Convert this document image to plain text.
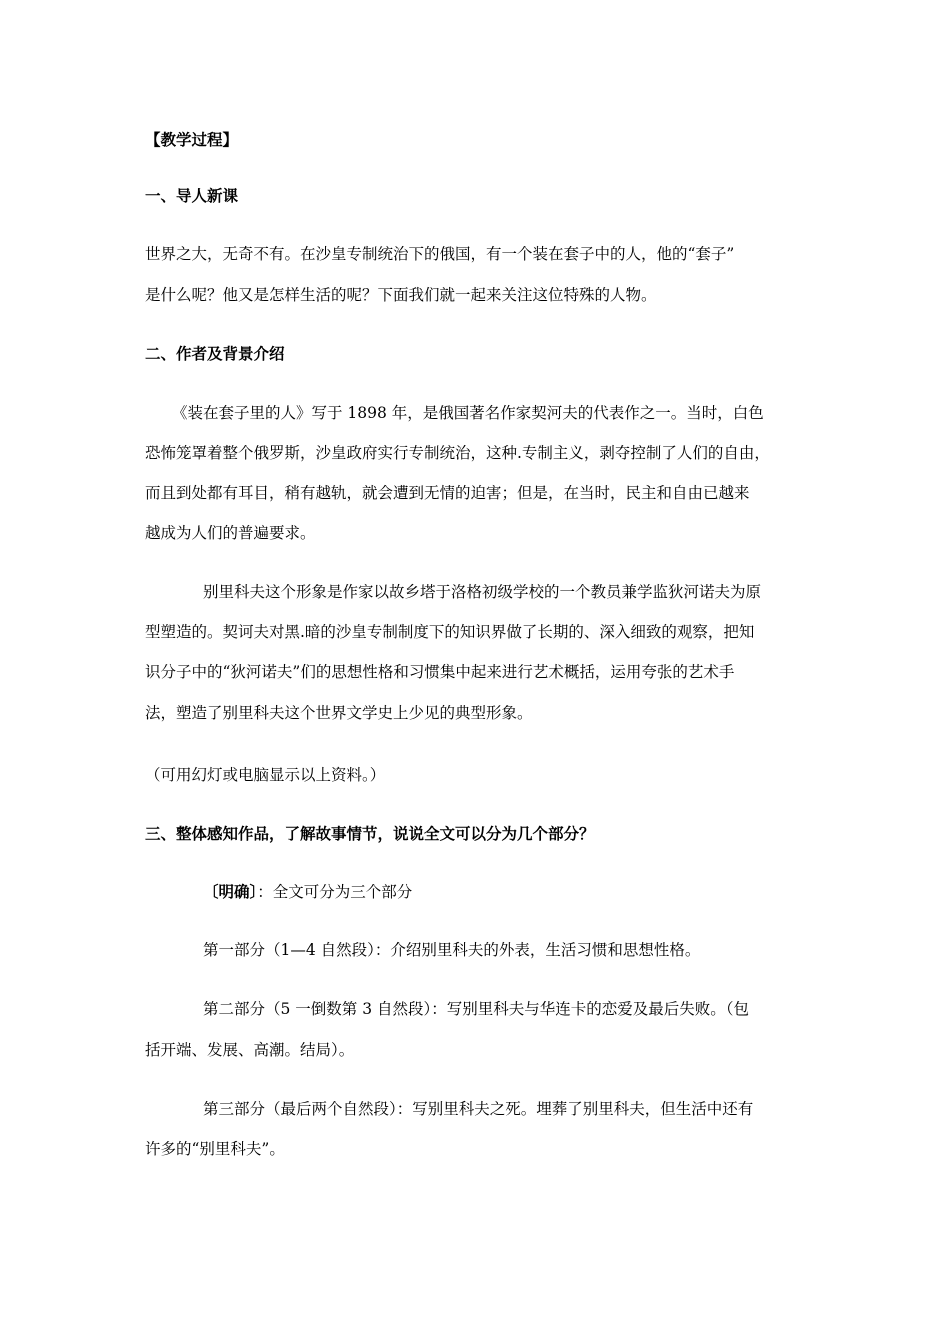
【教学过程】
一、导人新课
世界之大，无奇不有。在沙皇专制统治下的俄国，有一个装在套子中的人，他的“套子”
是什么呢？他又是怎样生活的呢？下面我们就一起来关注这位特殊的人物。
二、作者及背景介绍
《装在套子里的人》写于 1898 年，是俄国著名作家契河夫的代表作之一。当时，白色
恐怖笼罩着整个俄罗斯，沙皇政府实行专制统治，这种.专制主义，剥夺控制了人们的自由，
而且到处都有耳目，稍有越轨，就会遭到无情的迫害；但是，在当时，民主和自由已越来
越成为人们的普遍要求。
别里科夫这个形象是作家以故乡塔于洛格初级学校的一个教员兼学监狄河诺夫为原
型塑造的。契诃夫对黑.暗的沙皇专制制度下的知识界做了长期的、深入细致的观察，把知
识分子中的“狄河诺夫”们的思想性格和习惯集中起来进行艺术概括，运用夸张的艺术手
法，塑造了别里科夫这个世界文学史上少见的典型形象。
（可用幻灯或电脑显示以上资料。）
三、整体感知作品，了解故事情节，说说全文可以分为几个部分？
〔明确〕：全文可分为三个部分
第一部分（1—4 自然段）：介绍别里科夫的外表，生活习惯和思想性格。
第二部分（5 一倒数第 3 自然段）：写别里科夫与华连卡的恋爱及最后失败。（包
括开端、发展、高潮。结局）。
第三部分（最后两个自然段）：写别里科夫之死。埋葬了别里科夫，但生活中还有
许多的“别里科夫”。
